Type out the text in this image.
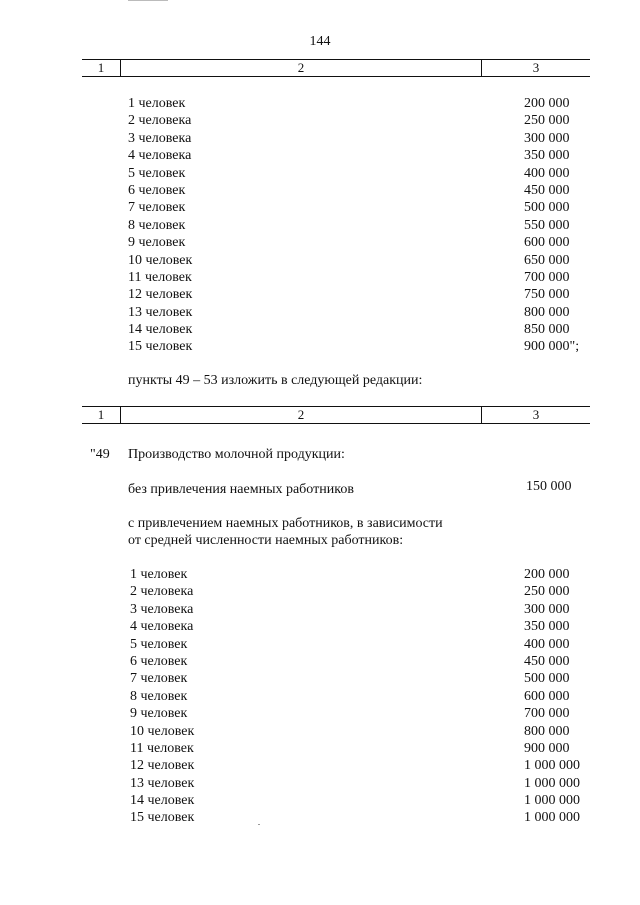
144
1	2	3
1 человек	200 000
2 человека	250 000
3 человека	300 000
4 человека	350 000
5 человек	400 000
6 человек	450 000
7 человек	500 000
8 человек	550 000
9 человек	600 000
10 человек	650 000
11 человек	700 000
12 человек	750 000
13 человек	800 000
14 человек	850 000
15 человек	900 000";
пункты 49 – 53 изложить в следующей редакции:
1	2	3
"49 Производство молочной продукции:
без привлечения наемных работников	150 000
с привлечением наемных работников, в зависимости
от средней численности наемных работников:
1 человек	200 000
2 человека	250 000
3 человека	300 000
4 человека	350 000
5 человек	400 000
6 человек	450 000
7 человек	500 000
8 человек	600 000
9 человек	700 000
10 человек	800 000
11 человек	900 000
12 человек	1 000 000
13 человек	1 000 000
14 человек	1 000 000
15 человек	1 000 000
